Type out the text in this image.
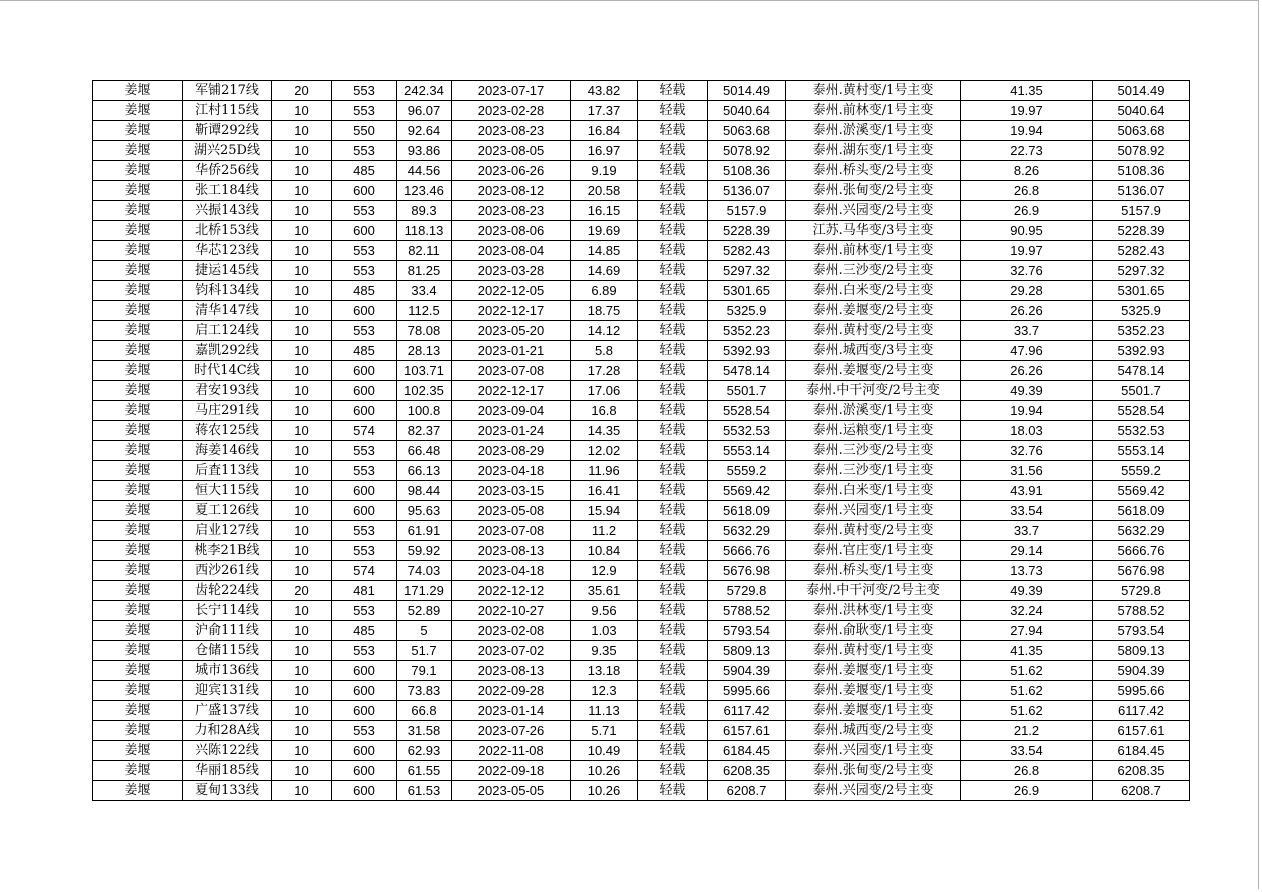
姜堰	军铺217线	20	553	242.34	2023-07-17	43.82	轻载	5014.49	泰州.黄村变/1号主变	41.35	5014.49
姜堰	江村115线	10	553	96.07	2023-02-28	17.37	轻载	5040.64	泰州.前林变/1号主变	19.97	5040.64
姜堰	靳谭292线	10	550	92.64	2023-08-23	16.84	轻载	5063.68	泰州.淤溪变/1号主变	19.94	5063.68
姜堰	湖兴25D线	10	553	93.86	2023-08-05	16.97	轻载	5078.92	泰州.湖东变/1号主变	22.73	5078.92
姜堰	华侨256线	10	485	44.56	2023-06-26	9.19	轻载	5108.36	泰州.桥头变/2号主变	8.26	5108.36
姜堰	张工184线	10	600	123.46	2023-08-12	20.58	轻载	5136.07	泰州.张甸变/2号主变	26.8	5136.07
姜堰	兴振143线	10	553	89.3	2023-08-23	16.15	轻载	5157.9	泰州.兴园变/2号主变	26.9	5157.9
姜堰	北桥153线	10	600	118.13	2023-08-06	19.69	轻载	5228.39	江苏.马华变/3号主变	90.95	5228.39
姜堰	华芯123线	10	553	82.11	2023-08-04	14.85	轻载	5282.43	泰州.前林变/1号主变	19.97	5282.43
姜堰	捷运145线	10	553	81.25	2023-03-28	14.69	轻载	5297.32	泰州.三沙变/2号主变	32.76	5297.32
姜堰	钧科134线	10	485	33.4	2022-12-05	6.89	轻载	5301.65	泰州.白米变/2号主变	29.28	5301.65
姜堰	清华147线	10	600	112.5	2022-12-17	18.75	轻载	5325.9	泰州.姜堰变/2号主变	26.26	5325.9
姜堰	启工124线	10	553	78.08	2023-05-20	14.12	轻载	5352.23	泰州.黄村变/2号主变	33.7	5352.23
姜堰	嘉凯292线	10	485	28.13	2023-01-21	5.8	轻载	5392.93	泰州.城西变/3号主变	47.96	5392.93
姜堰	时代14C线	10	600	103.71	2023-07-08	17.28	轻载	5478.14	泰州.姜堰变/2号主变	26.26	5478.14
姜堰	君安193线	10	600	102.35	2022-12-17	17.06	轻载	5501.7	泰州.中干河变/2号主变	49.39	5501.7
姜堰	马庄291线	10	600	100.8	2023-09-04	16.8	轻载	5528.54	泰州.淤溪变/1号主变	19.94	5528.54
姜堰	蒋农125线	10	574	82.37	2023-01-24	14.35	轻载	5532.53	泰州.运粮变/1号主变	18.03	5532.53
姜堰	海姜146线	10	553	66.48	2023-08-29	12.02	轻载	5553.14	泰州.三沙变/2号主变	32.76	5553.14
姜堰	后査113线	10	553	66.13	2023-04-18	11.96	轻载	5559.2	泰州.三沙变/1号主变	31.56	5559.2
姜堰	恒大115线	10	600	98.44	2023-03-15	16.41	轻载	5569.42	泰州.白米变/1号主变	43.91	5569.42
姜堰	夏工126线	10	600	95.63	2023-05-08	15.94	轻载	5618.09	泰州.兴园变/1号主变	33.54	5618.09
姜堰	启业127线	10	553	61.91	2023-07-08	11.2	轻载	5632.29	泰州.黄村变/2号主变	33.7	5632.29
姜堰	桃李21B线	10	553	59.92	2023-08-13	10.84	轻载	5666.76	泰州.官庄变/1号主变	29.14	5666.76
姜堰	西沙261线	10	574	74.03	2023-04-18	12.9	轻载	5676.98	泰州.桥头变/1号主变	13.73	5676.98
姜堰	齿轮224线	20	481	171.29	2022-12-12	35.61	轻载	5729.8	泰州.中干河变/2号主变	49.39	5729.8
姜堰	长宁114线	10	553	52.89	2022-10-27	9.56	轻载	5788.52	泰州.洪林变/1号主变	32.24	5788.52
姜堰	沪俞111线	10	485	5	2023-02-08	1.03	轻载	5793.54	泰州.俞耿变/1号主变	27.94	5793.54
姜堰	仓储115线	10	553	51.7	2023-07-02	9.35	轻载	5809.13	泰州.黄村变/1号主变	41.35	5809.13
姜堰	城市136线	10	600	79.1	2023-08-13	13.18	轻载	5904.39	泰州.姜堰变/1号主变	51.62	5904.39
姜堰	迎宾131线	10	600	73.83	2022-09-28	12.3	轻载	5995.66	泰州.姜堰变/1号主变	51.62	5995.66
姜堰	广盛137线	10	600	66.8	2023-01-14	11.13	轻载	6117.42	泰州.姜堰变/1号主变	51.62	6117.42
姜堰	力和28A线	10	553	31.58	2023-07-26	5.71	轻载	6157.61	泰州.城西变/2号主变	21.2	6157.61
姜堰	兴陈122线	10	600	62.93	2022-11-08	10.49	轻载	6184.45	泰州.兴园变/1号主变	33.54	6184.45
姜堰	华丽185线	10	600	61.55	2022-09-18	10.26	轻载	6208.35	泰州.张甸变/2号主变	26.8	6208.35
姜堰	夏甸133线	10	600	61.53	2023-05-05	10.26	轻载	6208.7	泰州.兴园变/2号主变	26.9	6208.7
